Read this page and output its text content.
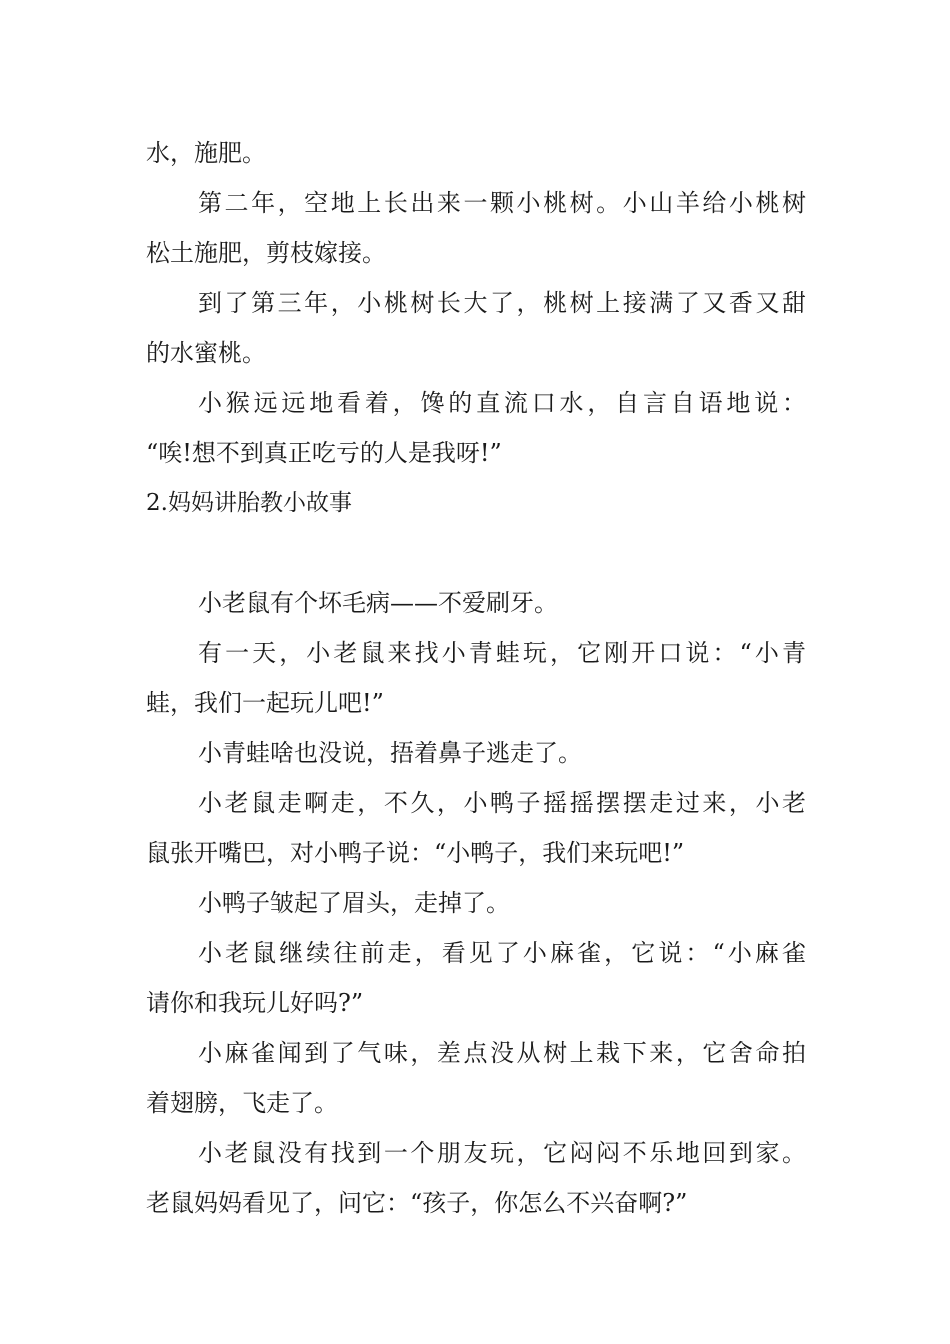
水，施肥。
第二年，空地上长出来一颗小桃树。小山羊给小桃树
松土施肥，剪枝嫁接。
到了第三年，小桃树长大了，桃树上接满了又香又甜
的水蜜桃。
小猴远远地看着，馋的直流口水，自言自语地说：
“唉!想不到真正吃亏的人是我呀!”
2.妈妈讲胎教小故事
小老鼠有个坏毛病——不爱刷牙。
有一天，小老鼠来找小青蛙玩，它刚开口说：“小青
蛙，我们一起玩儿吧!”
小青蛙啥也没说，捂着鼻子逃走了。
小老鼠走啊走，不久，小鸭子摇摇摆摆走过来，小老
鼠张开嘴巴，对小鸭子说：“小鸭子，我们来玩吧!”
小鸭子皱起了眉头，走掉了。
小老鼠继续往前走，看见了小麻雀，它说：“小麻雀
请你和我玩儿好吗?”
小麻雀闻到了气味，差点没从树上栽下来，它舍命拍
着翅膀，飞走了。
小老鼠没有找到一个朋友玩，它闷闷不乐地回到家。
老鼠妈妈看见了，问它：“孩子，你怎么不兴奋啊?”
